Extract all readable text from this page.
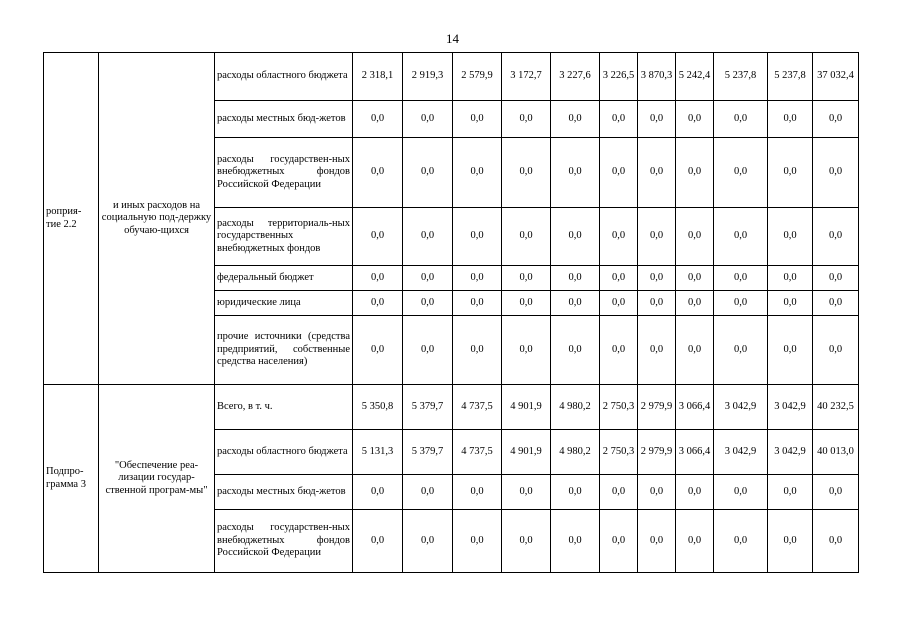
14
роприя-тие 2.2	и иных расходов на социальную под-держку обучаю-щихся	расходы областного бюджета	2 318,1	2 919,3	2 579,9	3 172,7	3 227,6	3 226,5	3 870,3	5 242,4	5 237,8	5 237,8	37 032,4
		расходы местных бюд-жетов	0,0	0,0	0,0	0,0	0,0	0,0	0,0	0,0	0,0	0,0	0,0
		расходы государствен-ных внебюджетных фондов Российской Федерации	0,0	0,0	0,0	0,0	0,0	0,0	0,0	0,0	0,0	0,0	0,0
		расходы территориаль-ных государственных внебюджетных фондов	0,0	0,0	0,0	0,0	0,0	0,0	0,0	0,0	0,0	0,0	0,0
		федеральный бюджет	0,0	0,0	0,0	0,0	0,0	0,0	0,0	0,0	0,0	0,0	0,0
		юридические лица	0,0	0,0	0,0	0,0	0,0	0,0	0,0	0,0	0,0	0,0	0,0
		прочие источники (средства предприятий, собственные средства населения)	0,0	0,0	0,0	0,0	0,0	0,0	0,0	0,0	0,0	0,0	0,0
Подпро-грамма 3	"Обеспечение реа-лизации государ-ственной програм-мы"	Всего, в т. ч.	5 350,8	5 379,7	4 737,5	4 901,9	4 980,2	2 750,3	2 979,9	3 066,4	3 042,9	3 042,9	40 232,5
		расходы областного бюджета	5 131,3	5 379,7	4 737,5	4 901,9	4 980,2	2 750,3	2 979,9	3 066,4	3 042,9	3 042,9	40 013,0
		расходы местных бюд-жетов	0,0	0,0	0,0	0,0	0,0	0,0	0,0	0,0	0,0	0,0	0,0
		расходы государствен-ных внебюджетных фондов Российской Федерации	0,0	0,0	0,0	0,0	0,0	0,0	0,0	0,0	0,0	0,0	0,0
